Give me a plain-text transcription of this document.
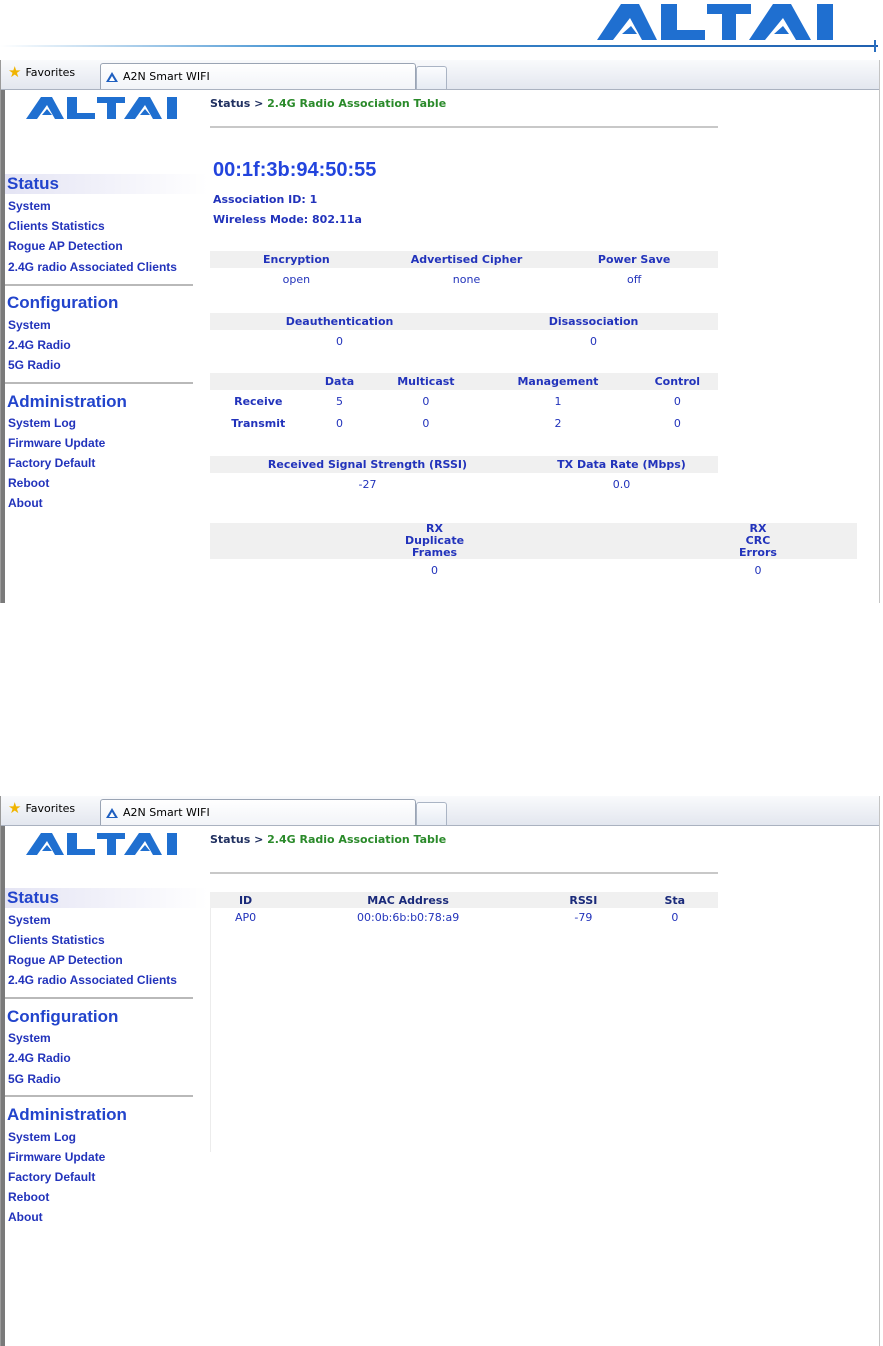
★ Favorites	A2N Smart WIFI
Status
System
Clients Statistics
Rogue AP Detection
2.4G radio Associated Clients
Configuration
System
2.4G Radio
5G Radio
Administration
System Log
Firmware Update
Factory Default
Reboot
About
Status > 2.4G Radio Association Table
00:1f:3b:94:50:55
Association ID: 1
Wireless Mode: 802.11a
Encryption	Advertised Cipher	Power Save
open	none	off
Deauthentication	Disassociation
0	0
	Data	Multicast	Management	Control
Receive	5	0	1	0
Transmit	0	0	2	0
Received Signal Strength (RSSI)	TX Data Rate (Mbps)
-27	0.0
RX Duplicate Frames	RX CRC Errors
0	0
★ Favorites	A2N Smart WIFI
Status
System
Clients Statistics
Rogue AP Detection
2.4G radio Associated Clients
Configuration
System
2.4G Radio
5G Radio
Administration
System Log
Firmware Update
Factory Default
Reboot
About
Status > 2.4G Radio Association Table
ID	MAC Address	RSSI	Sta
AP0	00:0b:6b:b0:78:a9	-79	0
